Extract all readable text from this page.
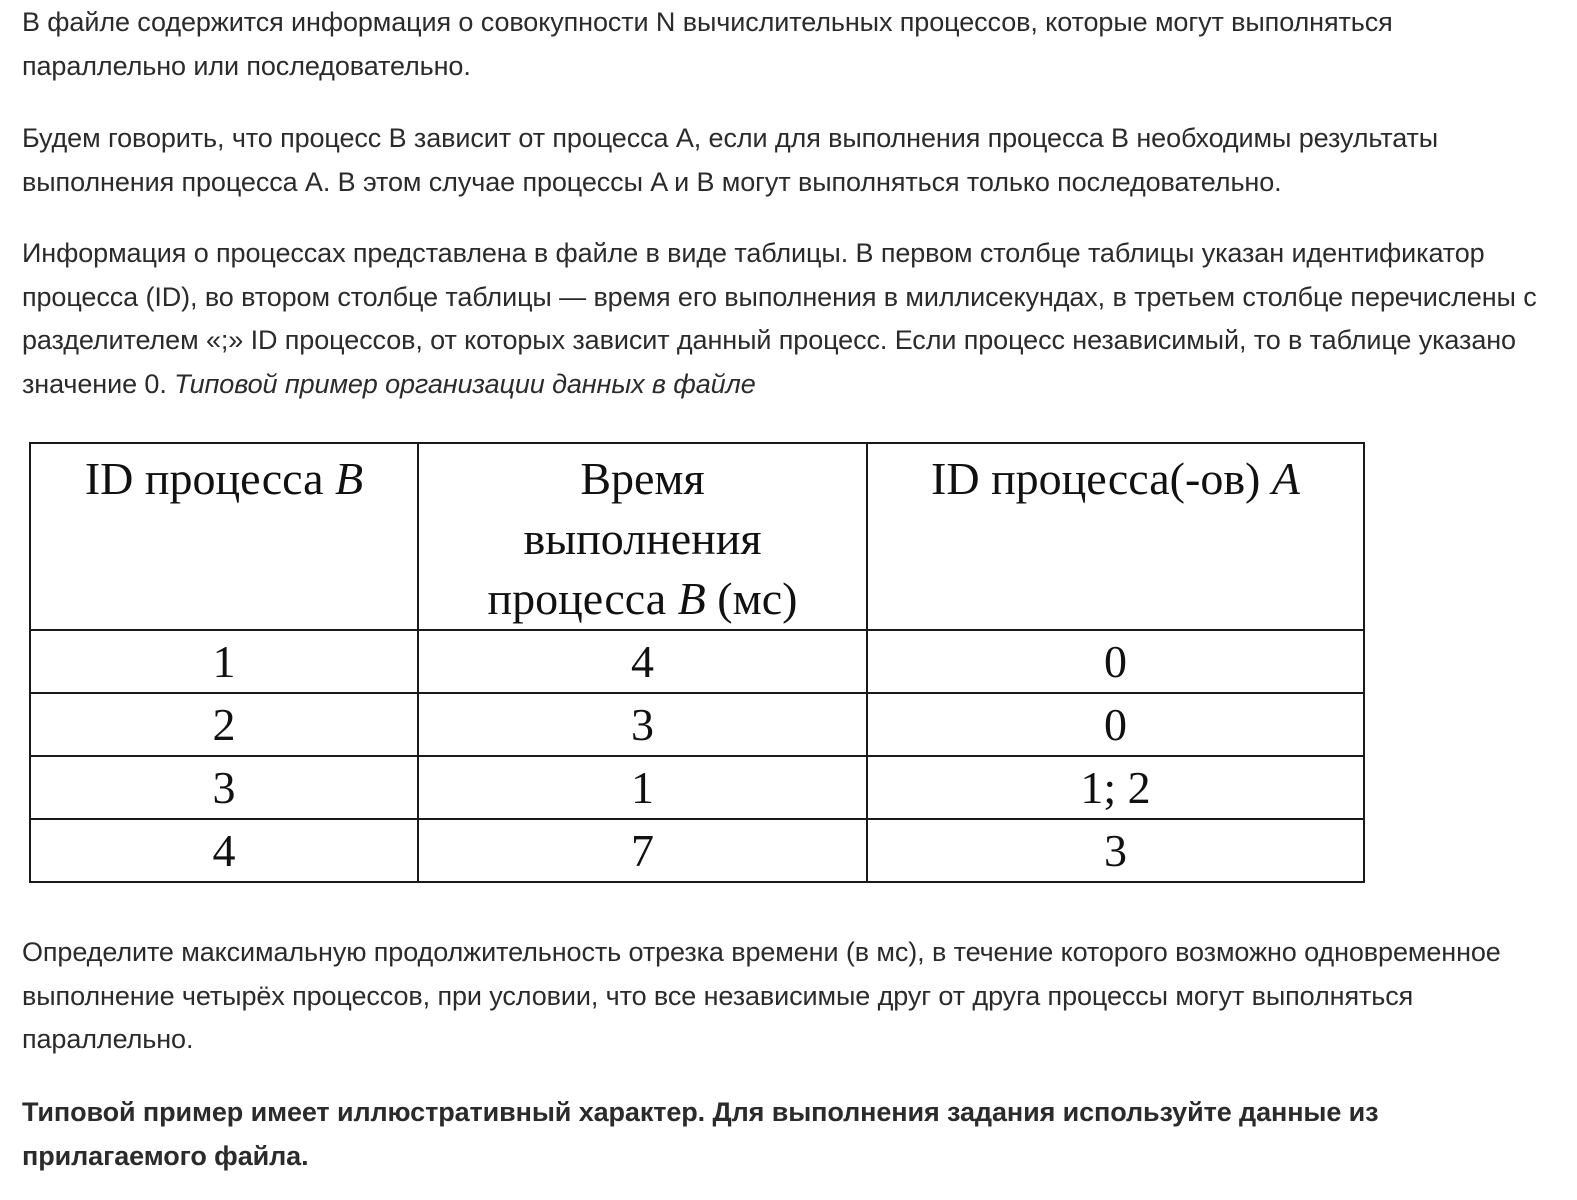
В файле содержится информация о совокупности N вычислительных процессов, которые могут выполняться параллельно или последовательно.

Будем говорить, что процесс B зависит от процесса A, если для выполнения процесса B необходимы результаты выполнения процесса A. В этом случае процессы A и B могут выполняться только последовательно.

Информация о процессах представлена в файле в виде таблицы. В первом столбце таблицы указан идентификатор процесса (ID), во втором столбце таблицы — время его выполнения в миллисекундах, в третьем столбце перечислены с разделителем «;» ID процессов, от которых зависит данный процесс. Если процесс независимый, то в таблице указано значение 0. Типовой пример организации данных в файле

Определите максимальную продолжительность отрезка времени (в мс), в течение которого возможно одновременное выполнение четырёх процессов, при условии, что все независимые друг от друга процессы могут выполняться параллельно.

Типовой пример имеет иллюстративный характер. Для выполнения задания используйте данные из прилагаемого файла.

ID процесса B	Время
выполнения
процесса B (мс)	ID процесса(-ов) A
1	4	0
2	3	0
3	1	1; 2
4	7	3
